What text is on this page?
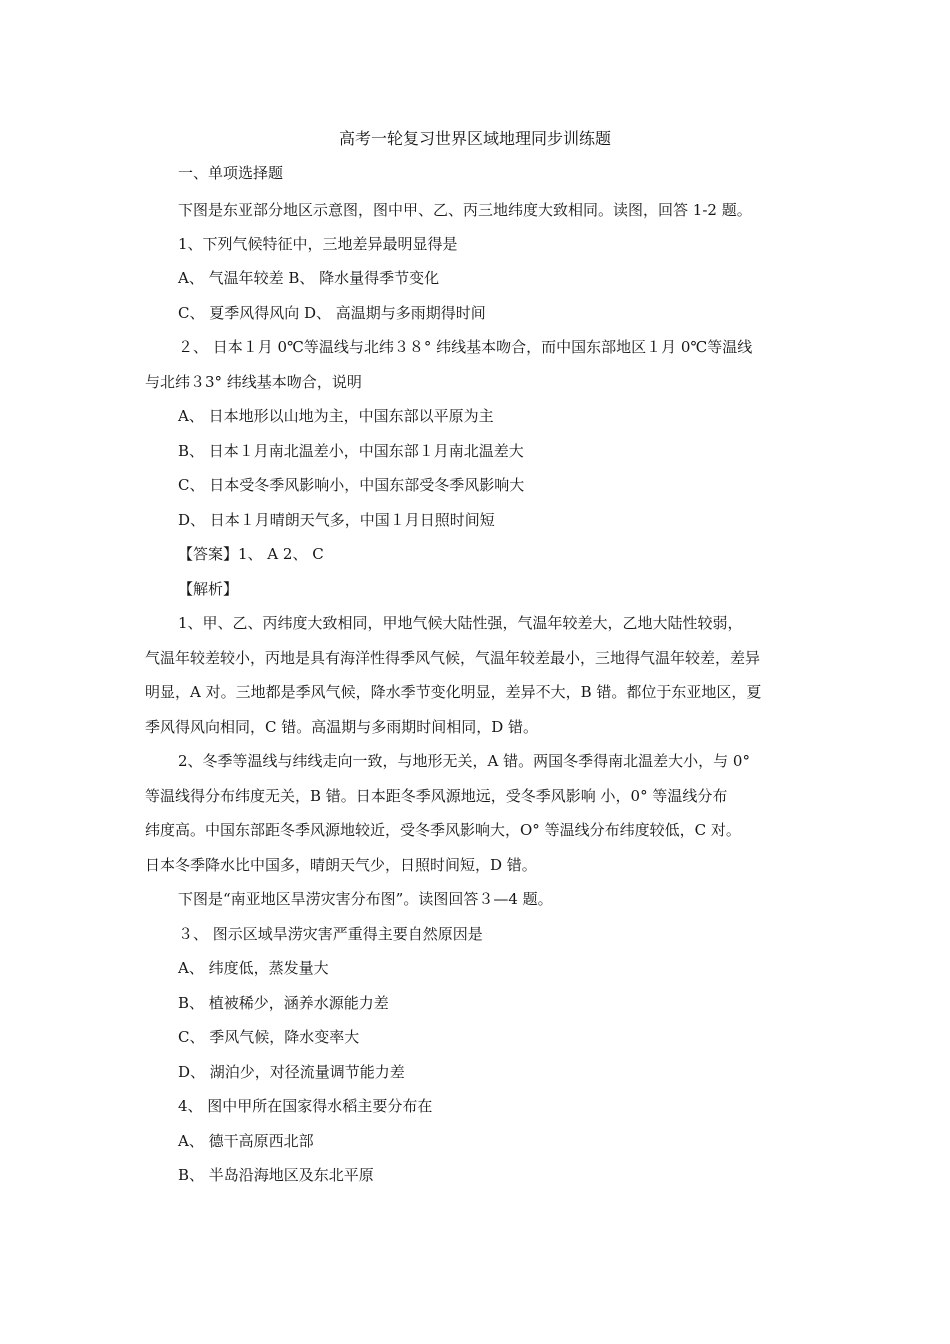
高考一轮复习世界区域地理同步训练题
一、单项选择题
下图是东亚部分地区示意图，图中甲、乙、丙三地纬度大致相同。读图，回答 1-2 题。
1、下列气候特征中，三地差异最明显得是
A、 气温年较差 B、 降水量得季节变化
C、 夏季风得风向 D、 高温期与多雨期得时间
２、 日本１月 0℃等温线与北纬３８° 纬线基本吻合，而中国东部地区１月 0℃等温线
与北纬３3° 纬线基本吻合，说明
A、 日本地形以山地为主，中国东部以平原为主
B、 日本１月南北温差小，中国东部１月南北温差大
C、 日本受冬季风影响小，中国东部受冬季风影响大
D、 日本１月晴朗天气多，中国１月日照时间短
【答案】1、 A 2、 C
【解析】
1、甲、乙、丙纬度大致相同，甲地气候大陆性强，气温年较差大，乙地大陆性较弱，
气温年较差较小，丙地是具有海洋性得季风气候，气温年较差最小，三地得气温年较差，差异
明显，A 对。三地都是季风气候，降水季节变化明显，差异不大，B 错。都位于东亚地区，夏
季风得风向相同，C 错。高温期与多雨期时间相同，D 错。
2、冬季等温线与纬线走向一致，与地形无关，A 错。两国冬季得南北温差大小，与 0°
等温线得分布纬度无关，B 错。日本距冬季风源地远，受冬季风影响 小，0° 等温线分布
纬度高。中国东部距冬季风源地较近，受冬季风影响大，O° 等温线分布纬度较低，C 对。
日本冬季降水比中国多，晴朗天气少，日照时间短，D 错。
下图是“南亚地区旱涝灾害分布图”。读图回答３—4 题。
３、 图示区域旱涝灾害严重得主要自然原因是
A、 纬度低，蒸发量大
B、 植被稀少，涵养水源能力差
C、 季风气候，降水变率大
D、 湖泊少，对径流量调节能力差
4、 图中甲所在国家得水稻主要分布在
A、 德干高原西北部
B、 半岛沿海地区及东北平原
